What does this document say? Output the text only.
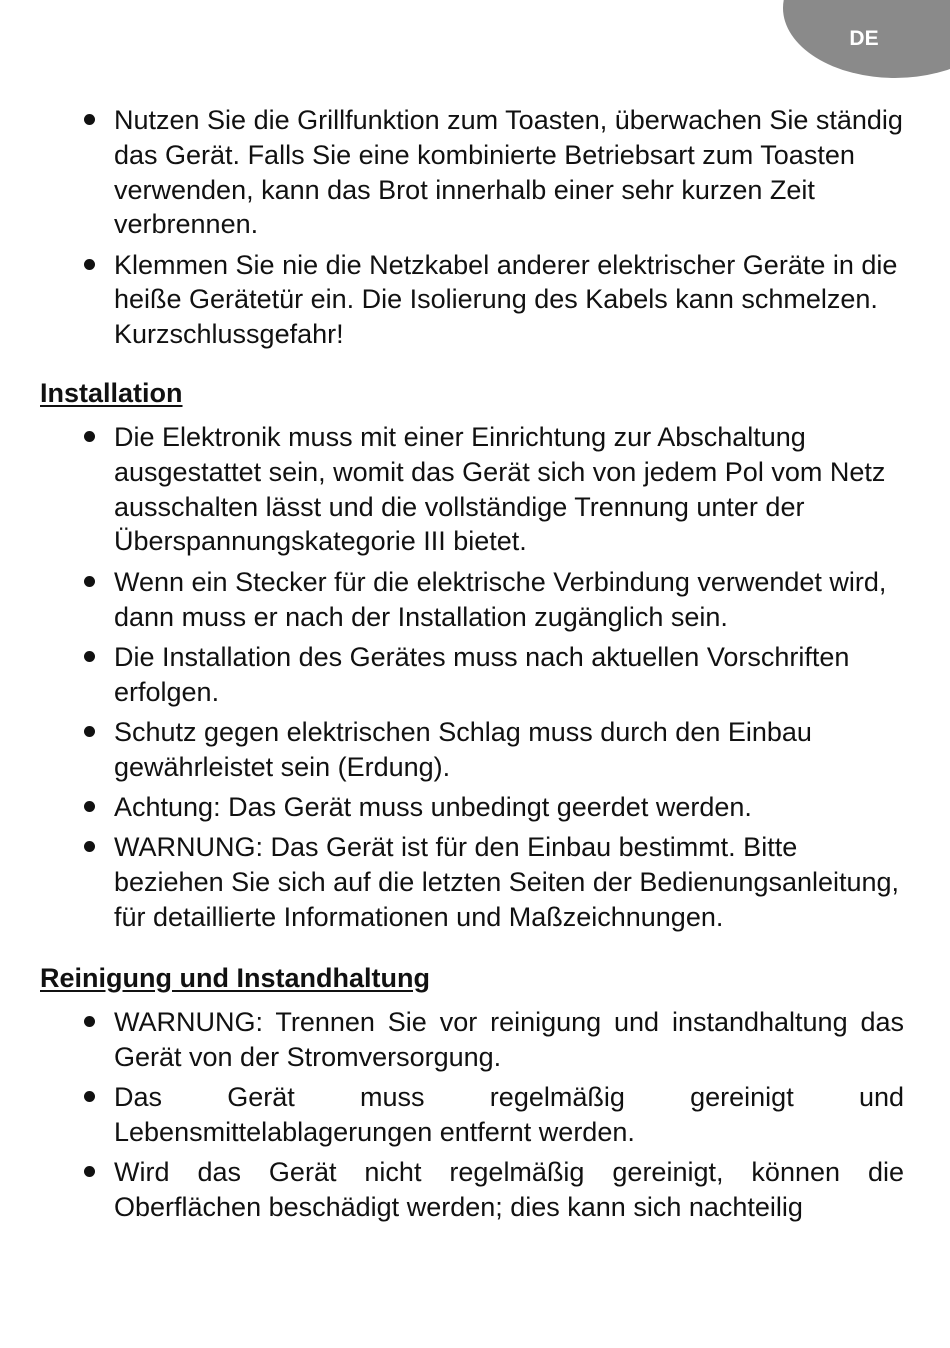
DE
Nutzen Sie die Grillfunktion zum Toasten, überwachen Sie ständig das Gerät. Falls Sie eine kombinierte Betriebsart zum Toasten verwenden, kann das Brot innerhalb einer sehr kurzen Zeit verbrennen.
Klemmen Sie nie die Netzkabel anderer elektrischer Geräte in die heiße Gerätetür ein. Die Isolierung des Kabels kann schmelzen. Kurzschlussgefahr!
Installation
Die Elektronik muss mit einer Einrichtung zur Abschaltung ausgestattet sein, womit das Gerät sich von jedem Pol vom Netz ausschalten lässt und die vollständige Trennung unter der Überspannungskategorie III bietet.
Wenn ein Stecker für die elektrische Verbindung verwendet wird, dann muss er nach der Installation zugänglich sein.
Die Installation des Gerätes muss nach aktuellen Vorschriften erfolgen.
Schutz gegen elektrischen Schlag muss durch den Einbau gewährleistet sein (Erdung).
Achtung: Das Gerät muss unbedingt geerdet werden.
WARNUNG: Das Gerät ist für den Einbau bestimmt. Bitte beziehen Sie sich auf die letzten Seiten der Bedienungsanleitung, für detaillierte Informationen und Maßzeichnungen.
Reinigung und Instandhaltung
WARNUNG: Trennen Sie vor reinigung und instandhaltung das Gerät von der Stromversorgung.
Das Gerät muss regelmäßig gereinigt und Lebensmittelablagerungen entfernt werden.
Wird das Gerät nicht regelmäßig gereinigt, können die Oberflächen beschädigt werden; dies kann sich nachteilig
